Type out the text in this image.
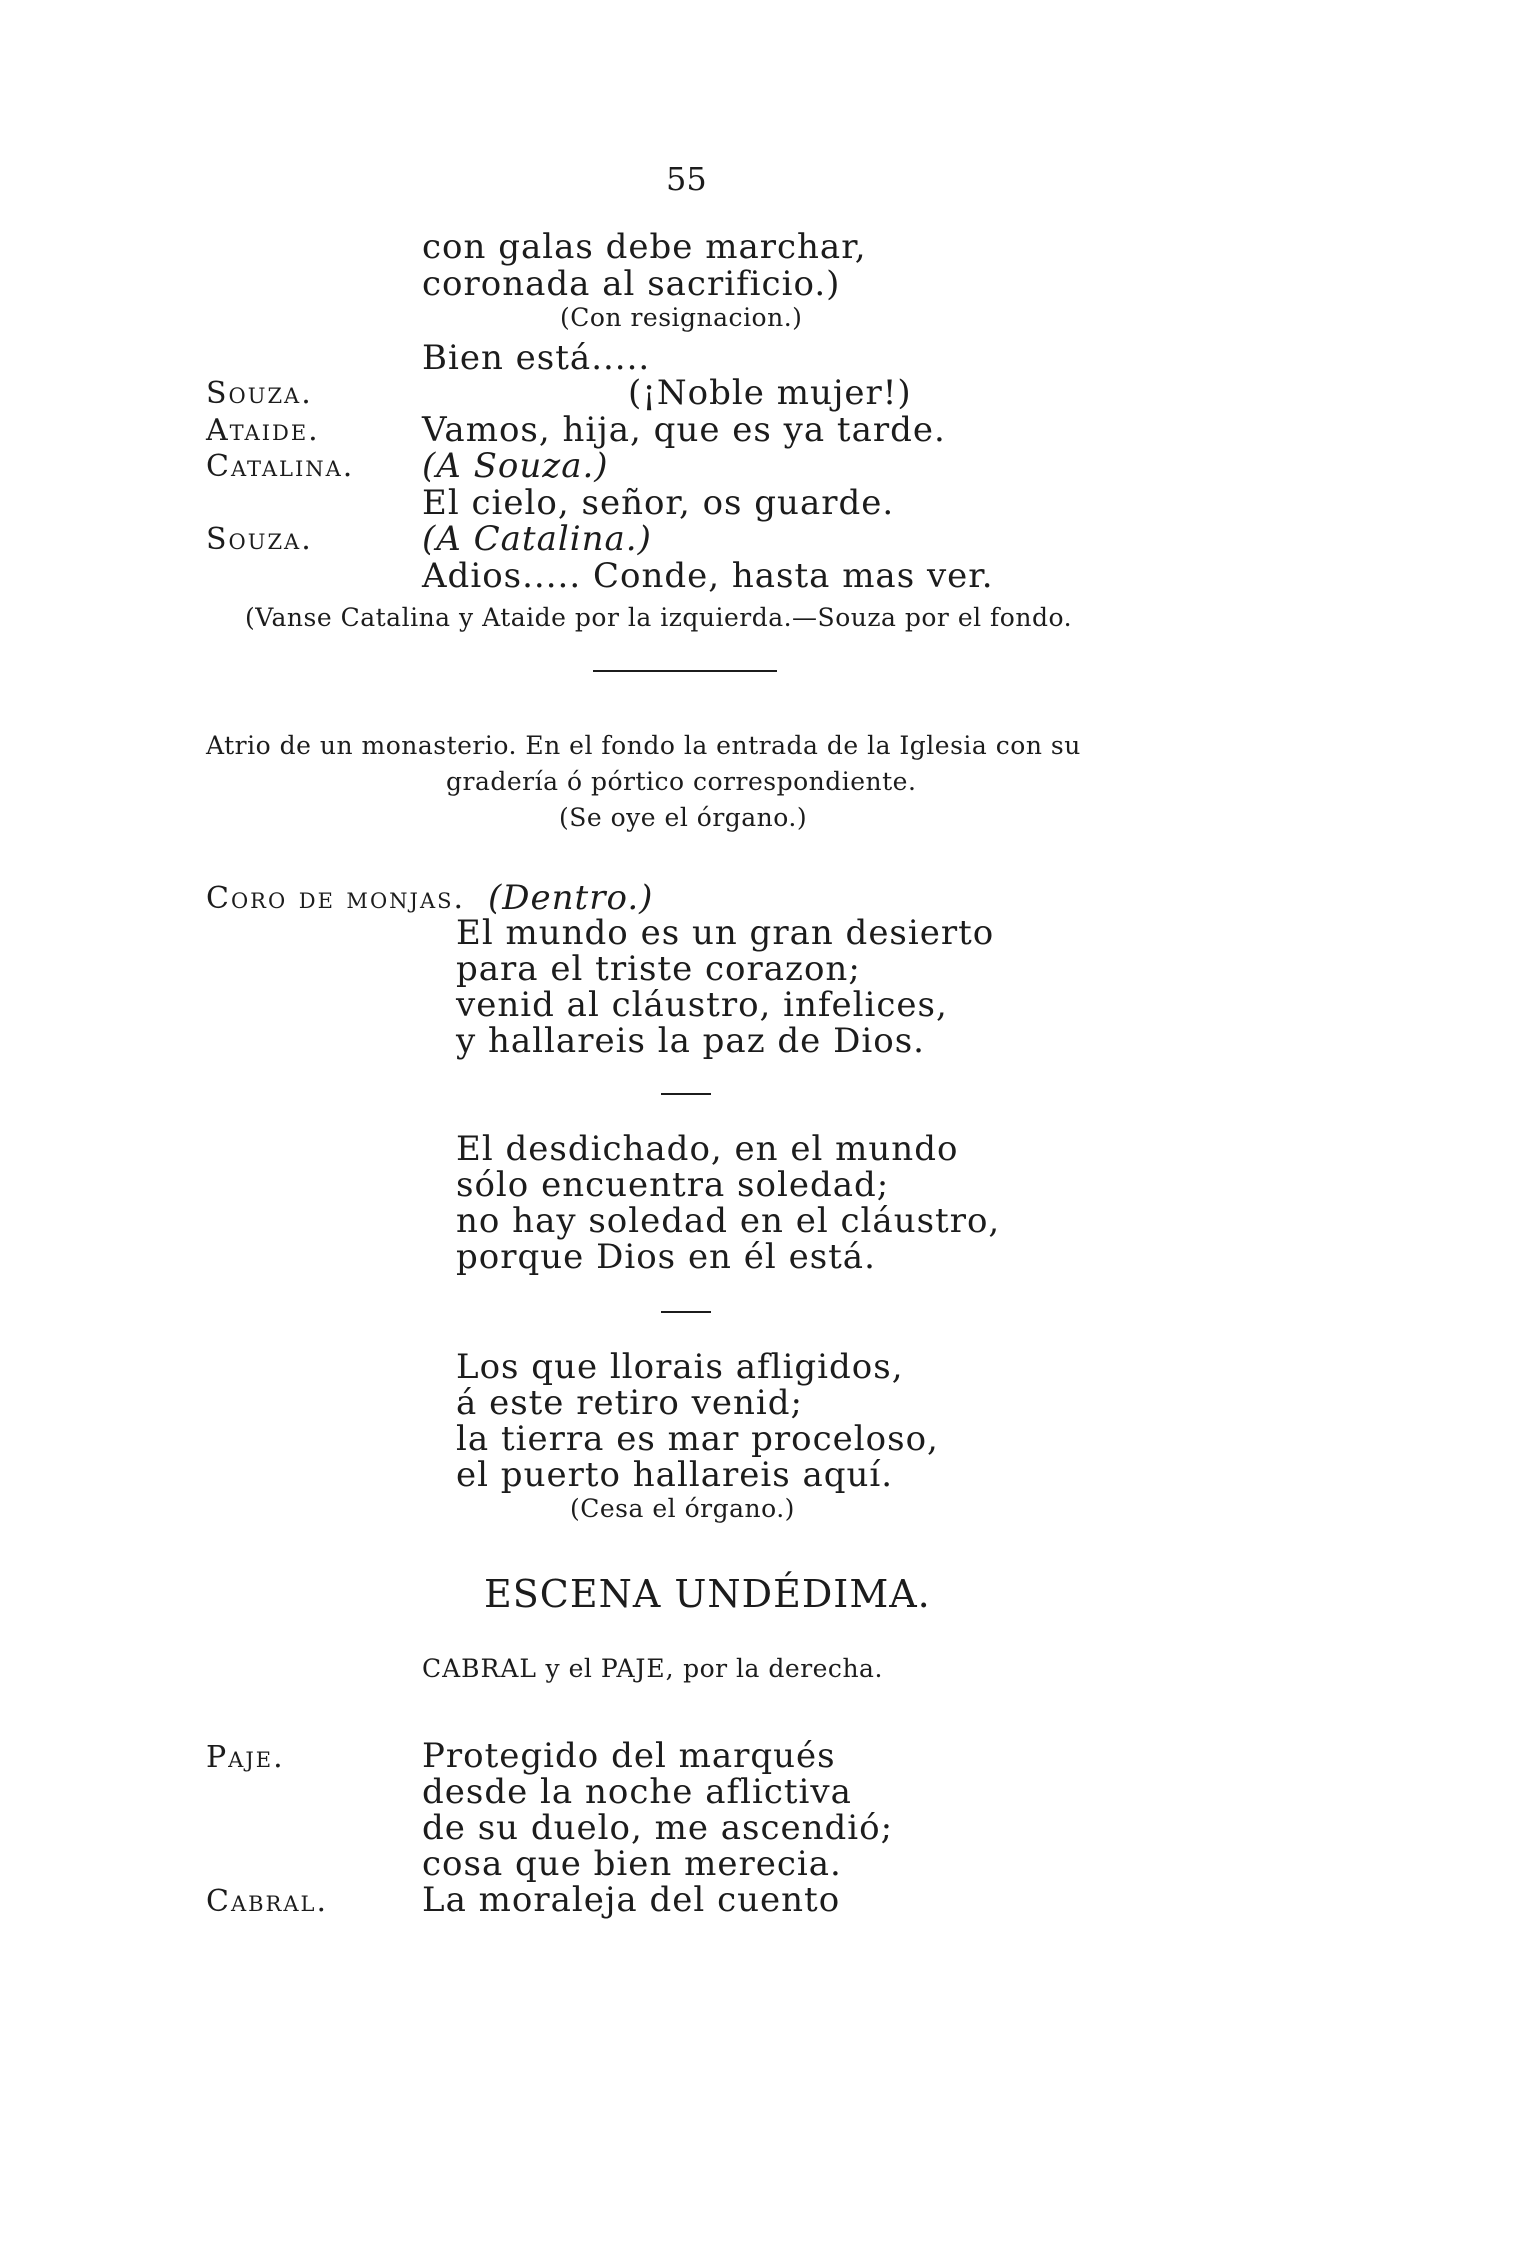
55
con galas debe marchar,
coronada al sacrificio.)
(Con resignacion.)
Bien está.....
Souza.	(¡Noble mujer!)
Ataide.	Vamos, hija, que es ya tarde.
Catalina. (A Souza.)
El cielo, señor, os guarde.
Souza.	(A Catalina.)
Adios..... Conde, hasta mas ver.
(Vanse Catalina y Ataide por la izquierda.—Souza por el fondo.
Atrio de un monasterio. En el fondo la entrada de la Iglesia con su
gradería ó pórtico correspondiente.
(Se oye el órgano.)
Coro de monjas. (Dentro.)
El mundo es un gran desierto
para el triste corazon;
venid al cláustro, infelices,
y hallareis la paz de Dios.
El desdichado, en el mundo
sólo encuentra soledad;
no hay soledad en el cláustro,
porque Dios en él está.
Los que llorais afligidos,
á este retiro venid;
la tierra es mar proceloso,
el puerto hallareis aquí.
(Cesa el órgano.)
ESCENA UNDÉDIMA.
CABRAL y el PAJE, por la derecha.
Paje.	Protegido del marqués
desde la noche aflictiva
de su duelo, me ascendió;
cosa que bien merecia.
Cabral.	La moraleja del cuento
